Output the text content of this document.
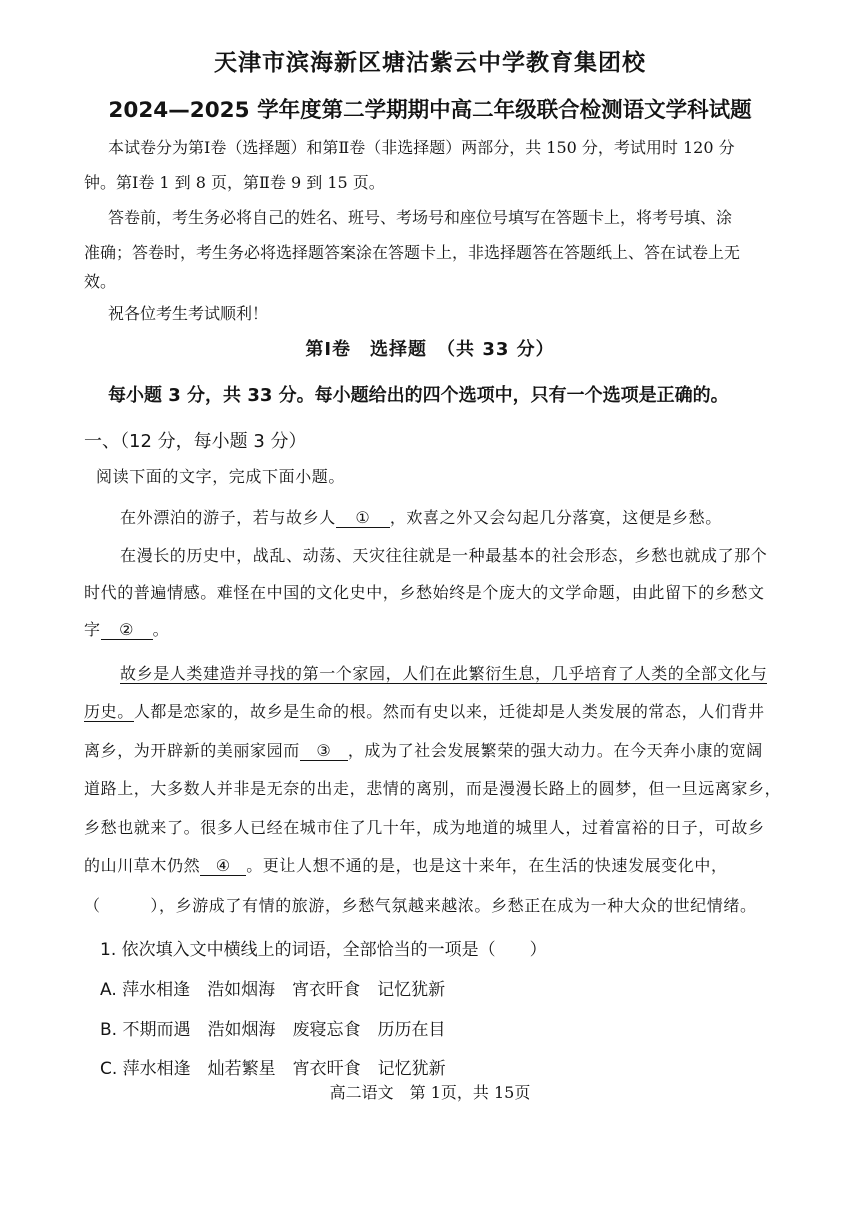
天津市滨海新区塘沽紫云中学教育集团校
2024—2025 学年度第二学期期中高二年级联合检测语文学科试题
本试卷分为第Ⅰ卷（选择题）和第Ⅱ卷（非选择题）两部分，共 150 分，考试用时 120 分
钟。第Ⅰ卷 1 到 8 页，第Ⅱ卷 9 到 15 页。
答卷前，考生务必将自己的姓名、班号、考场号和座位号填写在答题卡上，将考号填、涂
准确；答卷时，考生务必将选择题答案涂在答题卡上，非选择题答在答题纸上、答在试卷上无
效。
祝各位考生考试顺利！
第Ⅰ卷　选择题　（共 33 分）
每小题 3 分，共 33 分。每小题给出的四个选项中，只有一个选项是正确的。
一、（12 分，每小题 3 分）
阅读下面的文字，完成下面小题。
在外漂泊的游子，若与故乡人 ① ，欢喜之外又会勾起几分落寞，这便是乡愁。
在漫长的历史中，战乱、动荡、天灾往往就是一种最基本的社会形态，乡愁也就成了那个
时代的普遍情感。难怪在中国的文化史中，乡愁始终是个庞大的文学命题，由此留下的乡愁文
字 ② 。
故乡是人类建造并寻找的第一个家园，人们在此繁衍生息，几乎培育了人类的全部文化与
历史。人都是恋家的，故乡是生命的根。然而有史以来，迁徙却是人类发展的常态，人们背井
离乡，为开辟新的美丽家园而 ③ ，成为了社会发展繁荣的强大动力。在今天奔小康的宽阔
道路上，大多数人并非是无奈的出走，悲情的离别，而是漫漫长路上的圆梦，但一旦远离家乡，
乡愁也就来了。很多人已经在城市住了几十年，成为地道的城里人，过着富裕的日子，可故乡
的山川草木仍然 ④ 。更让人想不通的是，也是这十来年，在生活的快速发展变化中，
（　　　），乡游成了有情的旅游，乡愁气氛越来越浓。乡愁正在成为一种大众的世纪情绪。
1. 依次填入文中横线上的词语，全部恰当的一项是（　　）
A. 萍水相逢　浩如烟海　宵衣旰食　记忆犹新
B. 不期而遇　浩如烟海　废寝忘食　历历在目
C. 萍水相逢　灿若繁星　宵衣旰食　记忆犹新
高二语文　第 1页，共 15页
